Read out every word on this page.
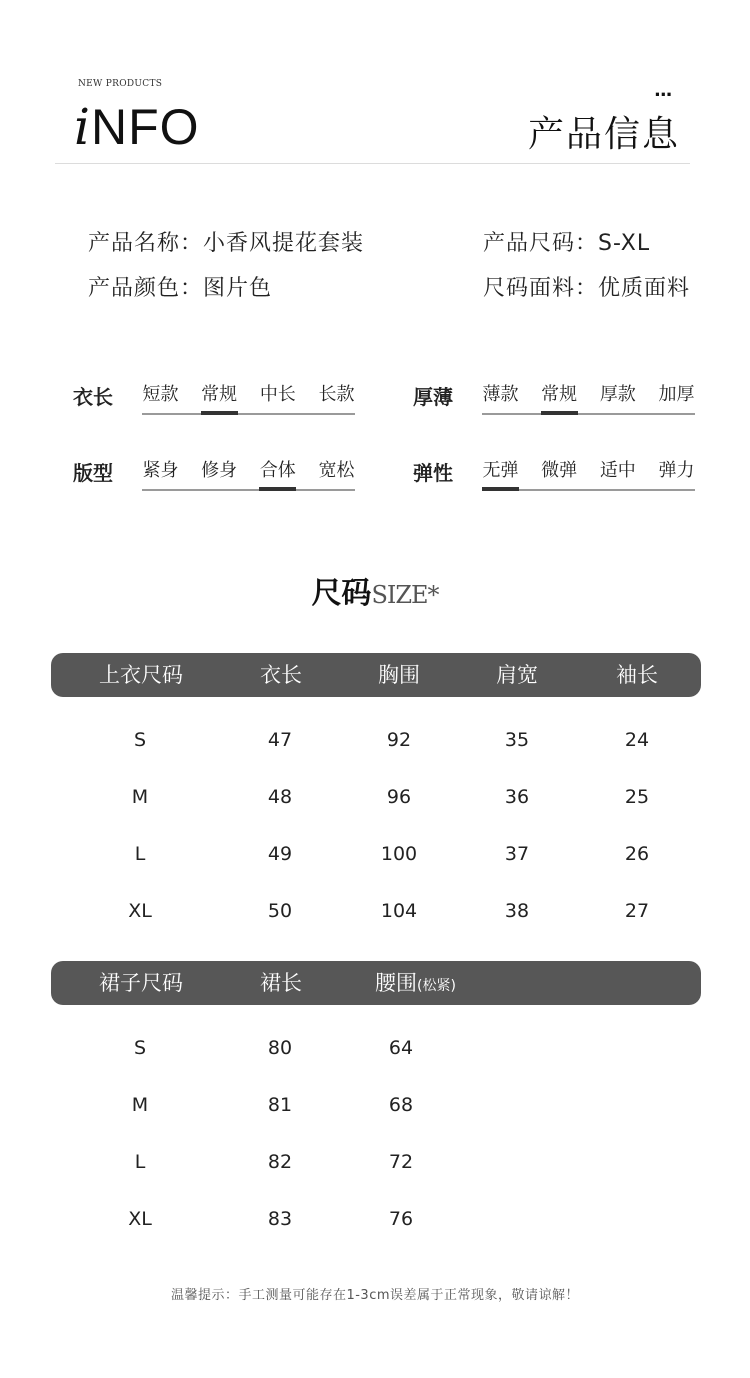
NEW PRODUCTS
iNFO
...
产品信息
产品名称：小香风提花套装	产品尺码：S-XL
产品颜色：图片色	尺码面料：优质面料
衣长 短款 常规 中长 长款	厚薄 薄款 常规 厚款 加厚
版型 紧身 修身 合体 宽松	弹性 无弹 微弹 适中 弹力
尺码SIZE*
上衣尺码	衣长	胸围	肩宽	袖长
S	47	92	35	24
M	48	96	36	25
L	49	100	37	26
XL	50	104	38	27
裙子尺码	裙长	腰围(松紧)
S	80	64
M	81	68
L	82	72
XL	83	76
温馨提示：手工测量可能存在1-3cm误差属于正常现象，敬请谅解！
